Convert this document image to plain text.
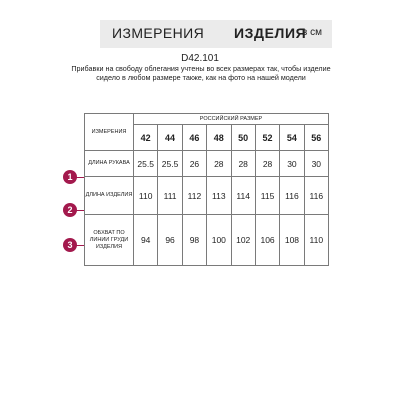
ИЗМЕРЕНИЯ ИЗДЕЛИЯ
в см
D42.101
Прибавки на свободу облегания учтены во всех размерах так, чтобы изделие сидело в любом размере также, как на фото на нашей модели
1
2
3
ИЗМЕРЕНИЯ	РОССИЙСКИЙ РАЗМЕР							
	42	44	46	48	50	52	54	56
ДЛИНА РУКАВА	25.5	25.5	26	28	28	28	30	30
ДЛИНА ИЗДЕЛИЯ	110	111	112	113	114	115	116	116
ОБХВАТ ПО ЛИНИИ ГРУДИ ИЗДЕЛИЯ	94	96	98	100	102	106	108	110
